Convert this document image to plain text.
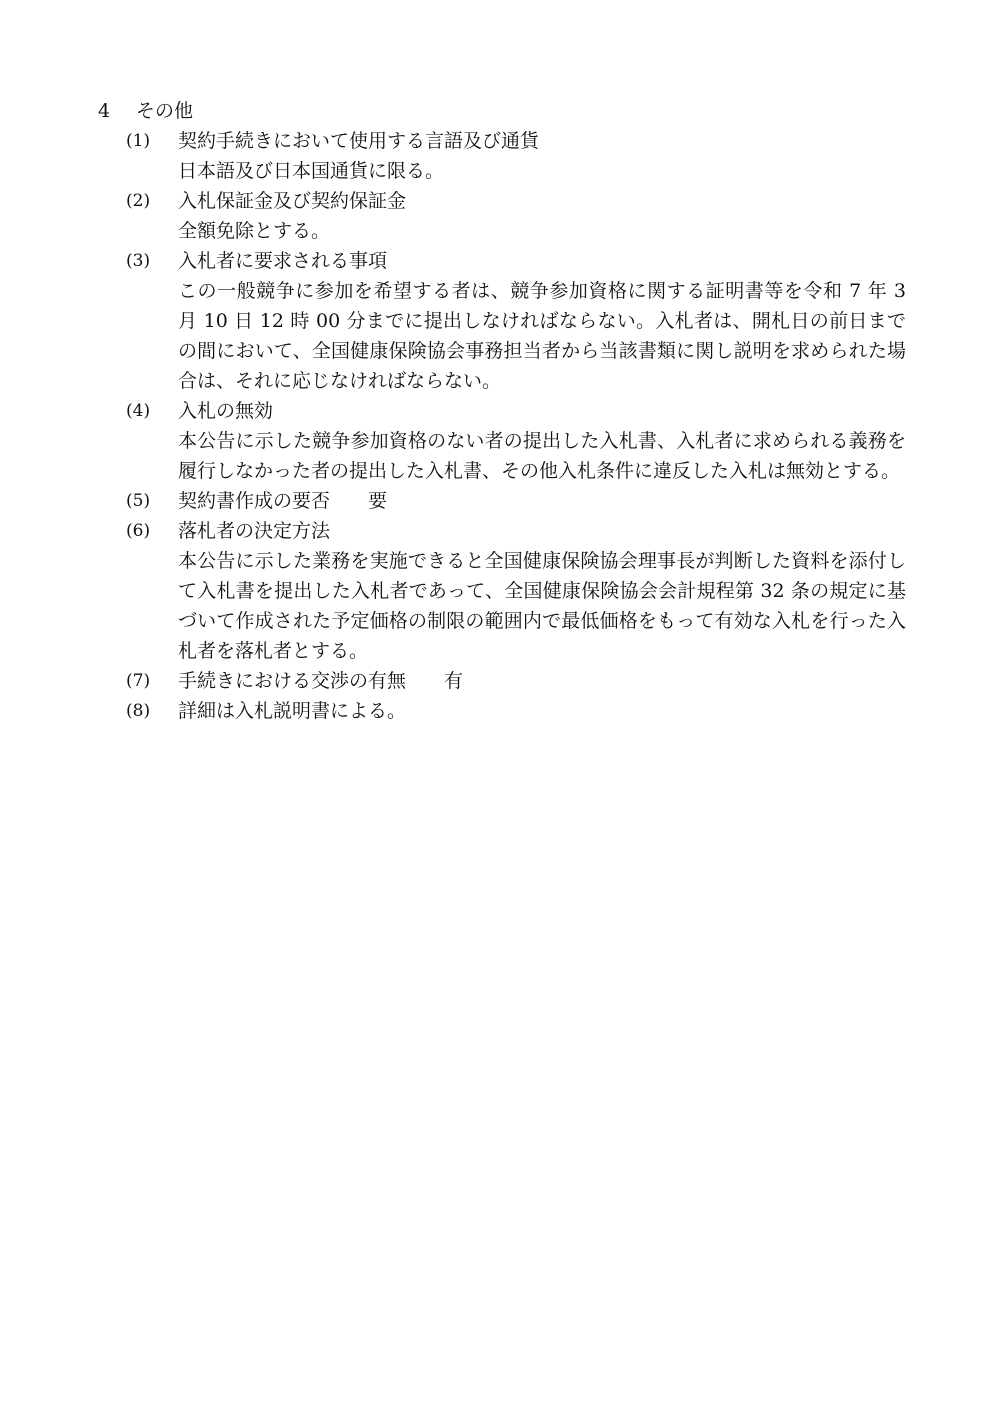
4 その他
(1)	契約手続きにおいて使用する言語及び通貨
日本語及び日本国通貨に限る。
(2)	入札保証金及び契約保証金
全額免除とする。
(3)	入札者に要求される事項
この一般競争に参加を希望する者は、競争参加資格に関する証明書等を令和 7 年 3 月 10 日 12 時 00 分までに提出しなければならない。入札者は、開札日の前日までの間において、全国健康保険協会事務担当者から当該書類に関し説明を求められた場合は、それに応じなければならない。
(4)	入札の無効
本公告に示した競争参加資格のない者の提出した入札書、入札者に求められる義務を履行しなかった者の提出した入札書、その他入札条件に違反した入札は無効とする。
(5)	契約書作成の要否 要
(6)	落札者の決定方法
本公告に示した業務を実施できると全国健康保険協会理事長が判断した資料を添付して入札書を提出した入札者であって、全国健康保険協会会計規程第 32 条の規定に基づいて作成された予定価格の制限の範囲内で最低価格をもって有効な入札を行った入札者を落札者とする。
(7)	手続きにおける交渉の有無 有
(8)	詳細は入札説明書による。
